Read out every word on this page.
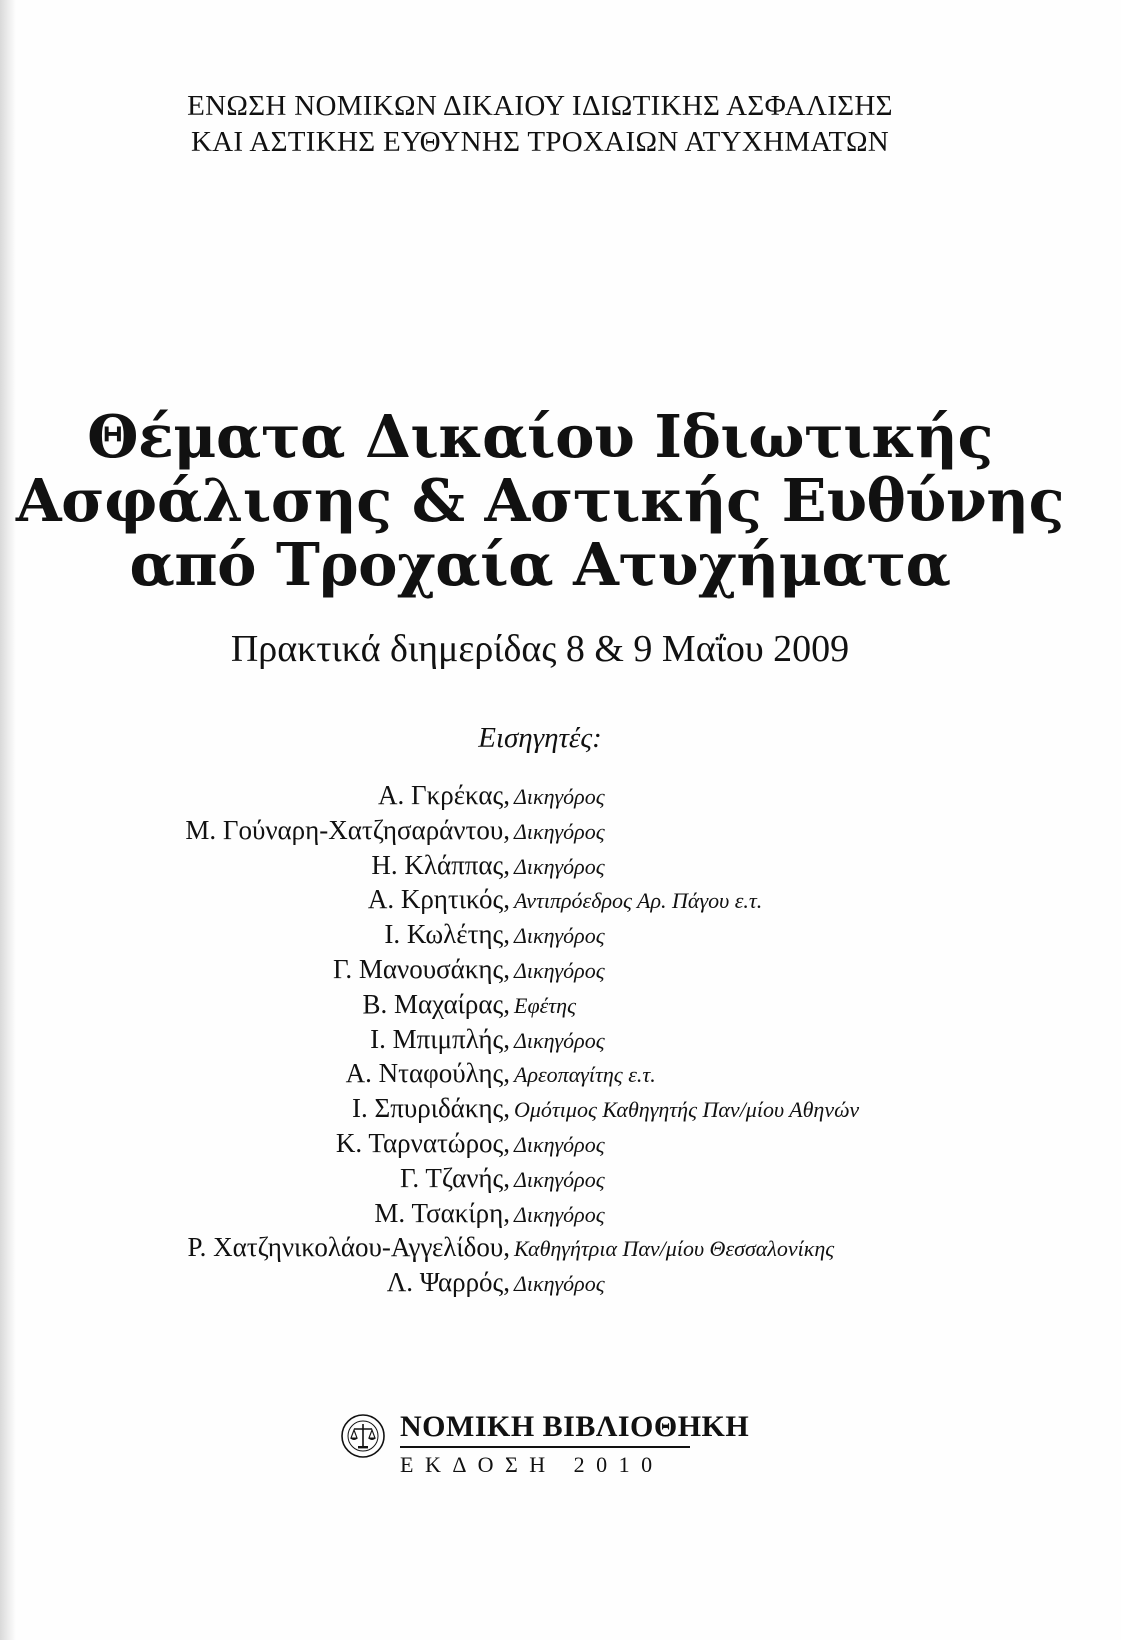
ΕΝΩΣΗ ΝΟΜΙΚΩΝ ΔΙΚΑΙΟΥ ΙΔΙΩΤΙΚΗΣ ΑΣΦΑΛΙΣΗΣ
ΚΑΙ ΑΣΤΙΚΗΣ ΕΥΘΥΝΗΣ ΤΡΟΧΑΙΩΝ ΑΤΥΧΗΜΑΤΩΝ
Θέματα Δικαίου Ιδιωτικής
Ασφάλισης & Αστικής Ευθύνης
από Τροχαία Ατυχήματα
Πρακτικά διημερίδας 8 & 9 Μαΐου 2009
Εισηγητές:
Α. Γκρέκας, Δικηγόρος
Μ. Γούναρη-Χατζησαράντου, Δικηγόρος
Η. Κλάππας, Δικηγόρος
Α. Κρητικός, Αντιπρόεδρος Αρ. Πάγου ε.τ.
Ι. Κωλέτης, Δικηγόρος
Γ. Μανουσάκης, Δικηγόρος
Β. Μαχαίρας, Εφέτης
Ι. Μπιμπλής, Δικηγόρος
Α. Νταφούλης, Αρεοπαγίτης ε.τ.
Ι. Σπυριδάκης, Ομότιμος Καθηγητής Παν/μίου Αθηνών
Κ. Ταρνατώρος, Δικηγόρος
Γ. Τζανής, Δικηγόρος
Μ. Τσακίρη, Δικηγόρος
Ρ. Χατζηνικολάου-Αγγελίδου, Καθηγήτρια Παν/μίου Θεσσαλονίκης
Λ. Ψαρρός, Δικηγόρος
ΝΟΜΙΚΗ ΒΙΒΛΙΟΘΗΚΗ
ΕΚΔΟΣΗ 2010
